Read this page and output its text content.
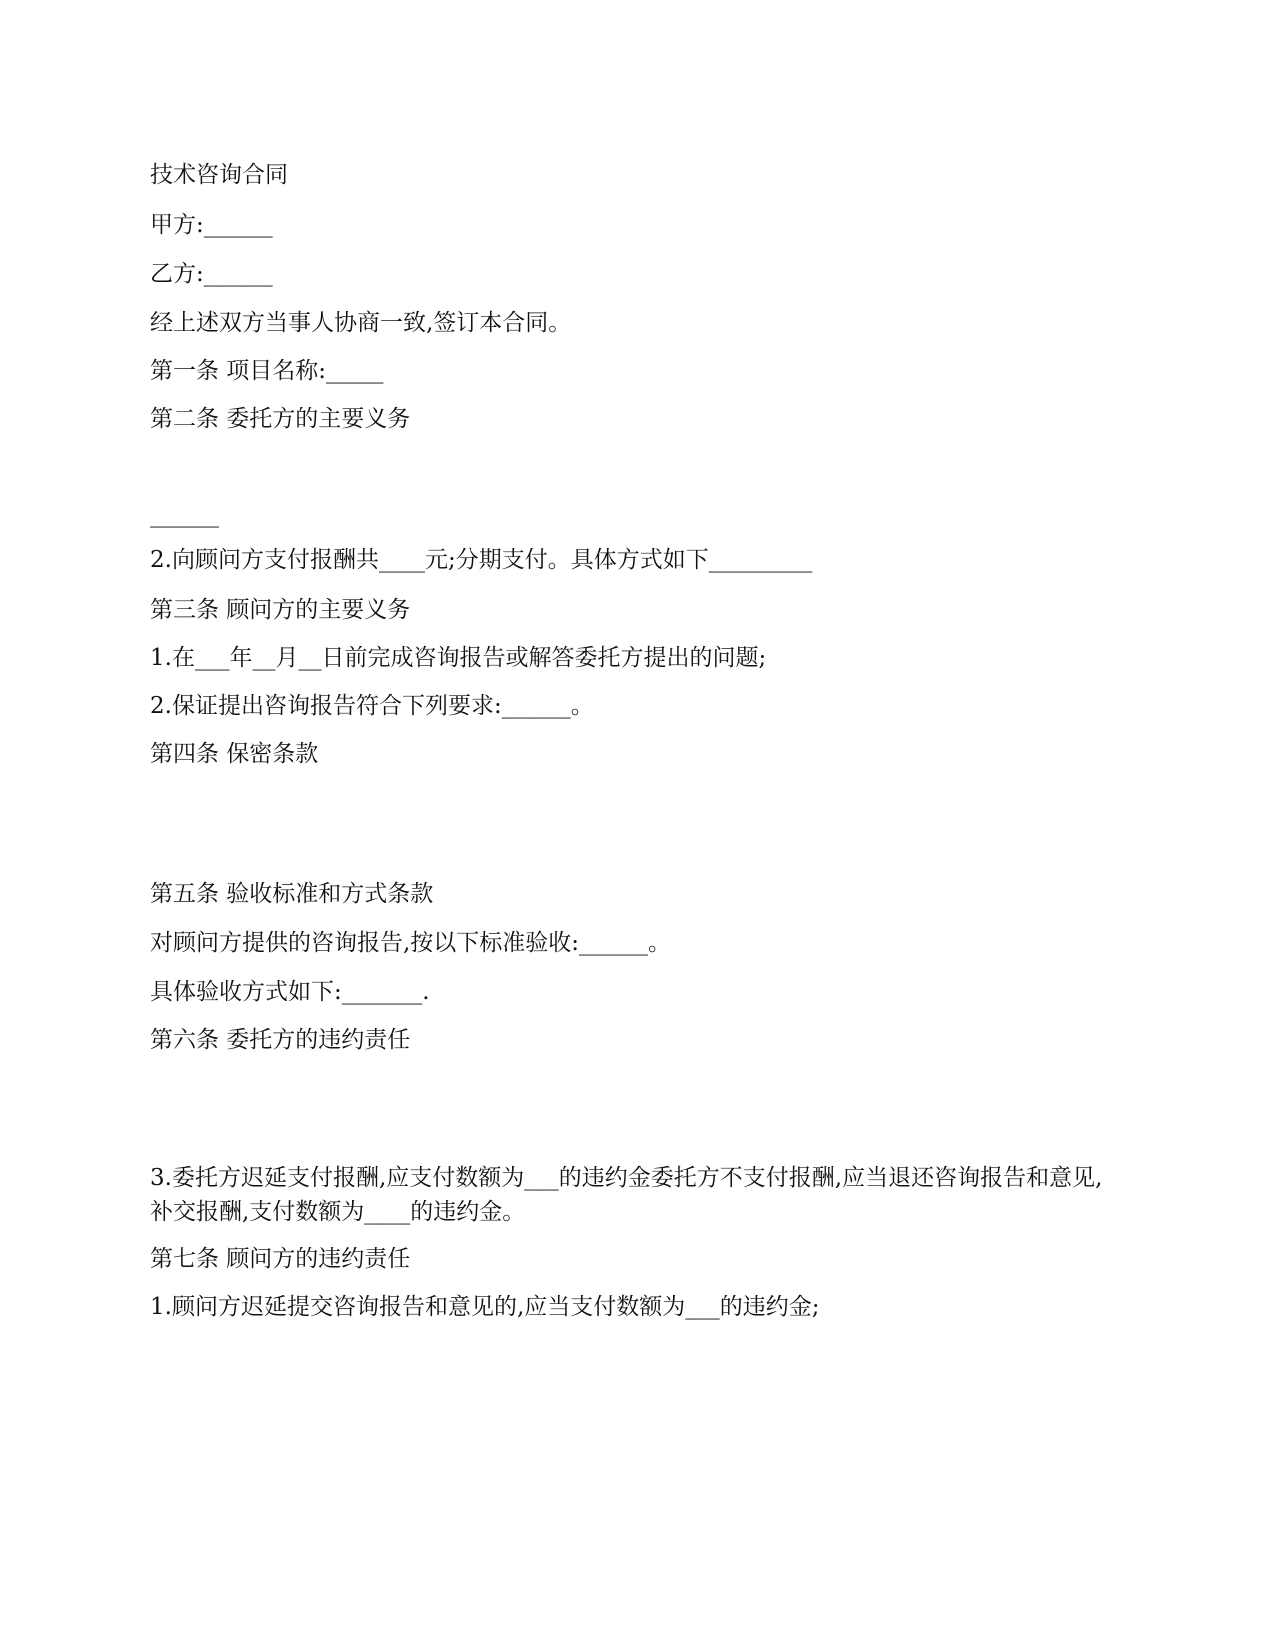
技术咨询合同
甲方:______
乙方:______
经上述双方当事人协商一致,签订本合同。
第一条 项目名称:_____
第二条 委托方的主要义务
______
2.向顾问方支付报酬共____元;分期支付。具体方式如下_________
第三条 顾问方的主要义务
1.在___年__月__日前完成咨询报告或解答委托方提出的问题;
2.保证提出咨询报告符合下列要求:______。
第四条 保密条款
第五条 验收标准和方式条款
对顾问方提供的咨询报告,按以下标准验收:______。
具体验收方式如下:_______.
第六条 委托方的违约责任
3.委托方迟延支付报酬,应支付数额为___的违约金委托方不支付报酬,应当退还咨询报告和意见,补交报酬,支付数额为____的违约金。
第七条 顾问方的违约责任
1.顾问方迟延提交咨询报告和意见的,应当支付数额为___的违约金;
